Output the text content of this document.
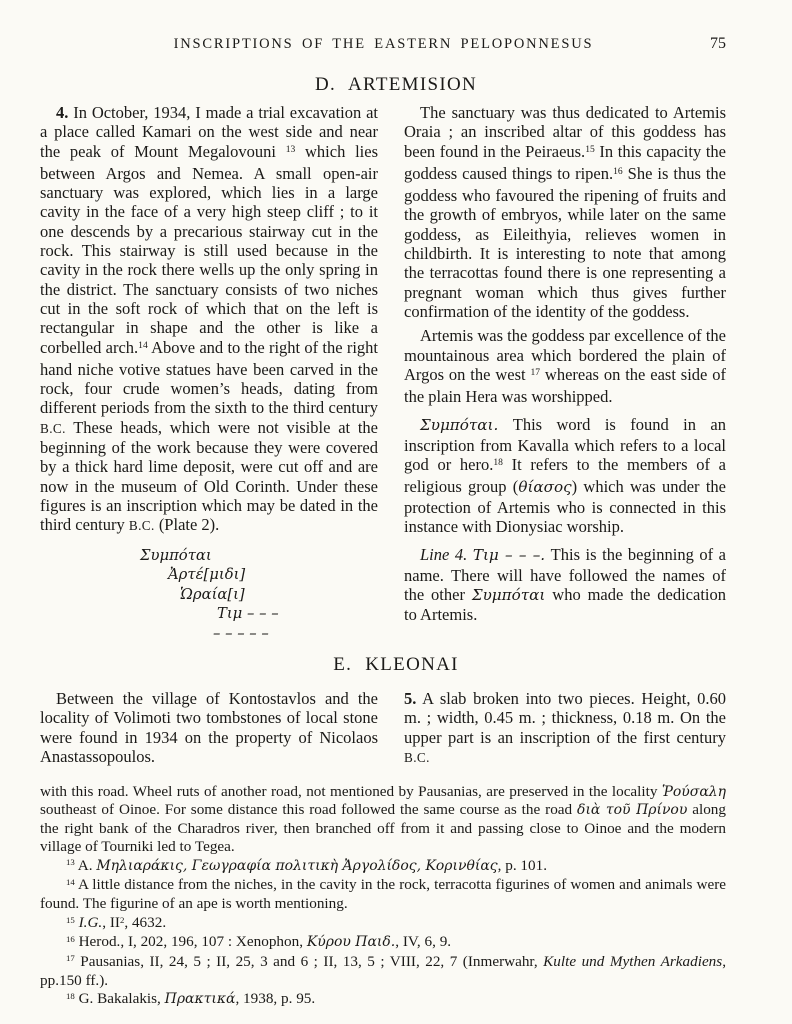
INSCRIPTIONS OF THE EASTERN PELOPONNESUS	75
D. ARTEMISION

4. In October, 1934, I made a trial excavation at a place called Kamari on the west side and near the peak of Mount Megalovouni $^{13}$ which lies between Argos and Nemea. A small open-air sanctuary was explored, which lies in a large cavity in the face of a very high steep cliff ; to it one descends by a precarious stairway cut in the rock. This stairway is still used because in the cavity in the rock there wells up the only spring in the district. The sanctuary consists of two niches cut in the soft rock of which that on the left is rectangular in shape and the other is like a corbelled arch.$^{14}$ Above and to the right of the right hand niche votive statues have been carved in the rock, four crude women’s heads, dating from different periods from the sixth to the third century B.C. These heads, which were not visible at the beginning of the work because they were covered by a thick hard lime deposit, were cut off and are now in the museum of Old Corinth. Under these figures is an inscription which may be dated in the third century B.C. (Plate 2).

Συμπόται
Ἀρτέ[μιδι]
Ὡραία[ι]
Τιμ – – –
– – – – –

The sanctuary was thus dedicated to Artemis Oraia ; an inscribed altar of this goddess has been found in the Peiraeus.$^{15}$ In this capacity the goddess caused things to ripen.$^{16}$ She is thus the goddess who favoured the ripening of fruits and the growth of embryos, while later on the same goddess, as Eileithyia, relieves women in childbirth. It is interesting to note that among the terracottas found there is one representing a pregnant woman which thus gives further confirmation of the identity of the goddess.

Artemis was the goddess par excellence of the mountainous area which bordered the plain of Argos on the west $^{17}$ whereas on the east side of the plain Hera was worshipped.

Συμπόται. This word is found in an inscription from Kavalla which refers to a local god or hero.$^{18}$ It refers to the members of a religious group (θίασος) which was under the protection of Artemis who is connected in this instance with Dionysiac worship.

Line 4. Τιμ – – –. This is the beginning of a name. There will have followed the names of the other Συμπόται who made the dedication to Artemis.

E. KLEONAI

Between the village of Kontostavlos and the locality of Volimoti two tombstones of local stone were found in 1934 on the property of Nicolaos Anastassopoulos.

5. A slab broken into two pieces. Height, 0.60 m. ; width, 0.45 m. ; thickness, 0.18 m. On the upper part is an inscription of the first century B.C.

with this road. Wheel ruts of another road, not mentioned by Pausanias, are preserved in the locality Ῥούσαλη southeast of Oinoe. For some distance this road followed the same course as the road διὰ τοῦ Πρίνου along the right bank of the Charadros river, then branched off from it and passing close to Oinoe and the modern village of Tourniki led to Tegea.

$^{13}$ A. Μηλιαράκις, Γεωγραφία πολιτικὴ Ἀργολίδος, Κορινθίας, p. 101.

$^{14}$ A little distance from the niches, in the cavity in the rock, terracotta figurines of women and animals were found. The figurine of an ape is worth mentioning.

$^{15}$ I.G., $II^2$, 4632.

$^{16}$ Herod., I, 202, 196, 107 : Xenophon, Κύρου Παιδ., IV, 6, 9.

$^{17}$ Pausanias, II, 24, 5 ; II, 25, 3 and 6 ; II, 13, 5 ; VIII, 22, 7 (Inmerwahr, Kulte und Mythen Arkadiens, pp.150 ff.).

$^{18}$ G. Bakalakis, Πρακτικά, 1938, p. 95.
